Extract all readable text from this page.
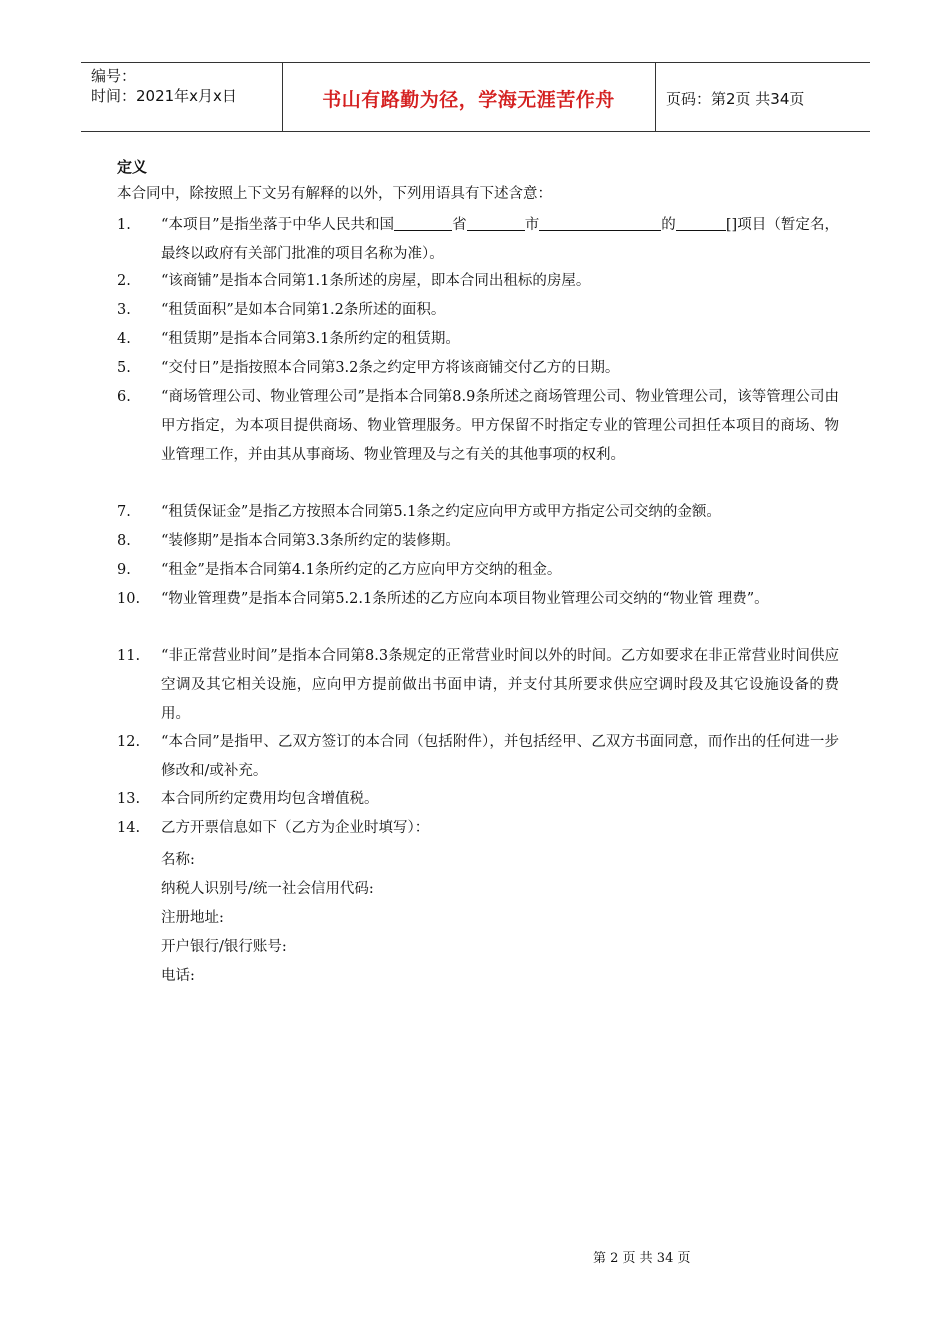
编号：
时间：2021年x月x日	书山有路勤为径，学海无涯苦作舟	页码：第2页 共34页
定义
本合同中，除按照上下文另有解释的以外，下列用语具有下述含意：
1. “本项目”是指坐落于中华人民共和国	省	市	的	[]项目（暂定名，最终以政府有关部门批准的项目名称为准）。
2. “该商铺”是指本合同第1.1条所述的房屋，即本合同出租标的房屋。
3. “租赁面积”是如本合同第1.2条所述的面积。
4. “租赁期”是指本合同第3.1条所约定的租赁期。
5. “交付日”是指按照本合同第3.2条之约定甲方将该商铺交付乙方的日期。
6. “商场管理公司、物业管理公司”是指本合同第8.9条所述之商场管理公司、物业管理公司，该等管理公司由甲方指定，为本项目提供商场、物业管理服务。甲方保留不时指定专业的管理公司担任本项目的商场、物业管理工作，并由其从事商场、物业管理及与之有关的其他事项的权利。
7. “租赁保证金”是指乙方按照本合同第5.1条之约定应向甲方或甲方指定公司交纳的金额。
8. “装修期”是指本合同第3.3条所约定的装修期。
9. “租金”是指本合同第4.1条所约定的乙方应向甲方交纳的租金。
10. “物业管理费”是指本合同第5.2.1条所述的乙方应向本项目物业管理公司交纳的“物业管 理费”。
11. “非正常营业时间”是指本合同第8.3条规定的正常营业时间以外的时间。乙方如要求在非正常营业时间供应空调及其它相关设施，应向甲方提前做出书面申请，并支付其所要求供应空调时段及其它设施设备的费用。
12. “本合同”是指甲、乙双方签订的本合同（包括附件），并包括经甲、乙双方书面同意，而作出的任何进一步修改和/或补充。
13. 本合同所约定费用均包含增值税。
14. 乙方开票信息如下（乙方为企业时填写）：
名称:
纳税人识别号/统一社会信用代码:
注册地址:
开户银行/银行账号:
电话:
第 2 页 共 34 页
